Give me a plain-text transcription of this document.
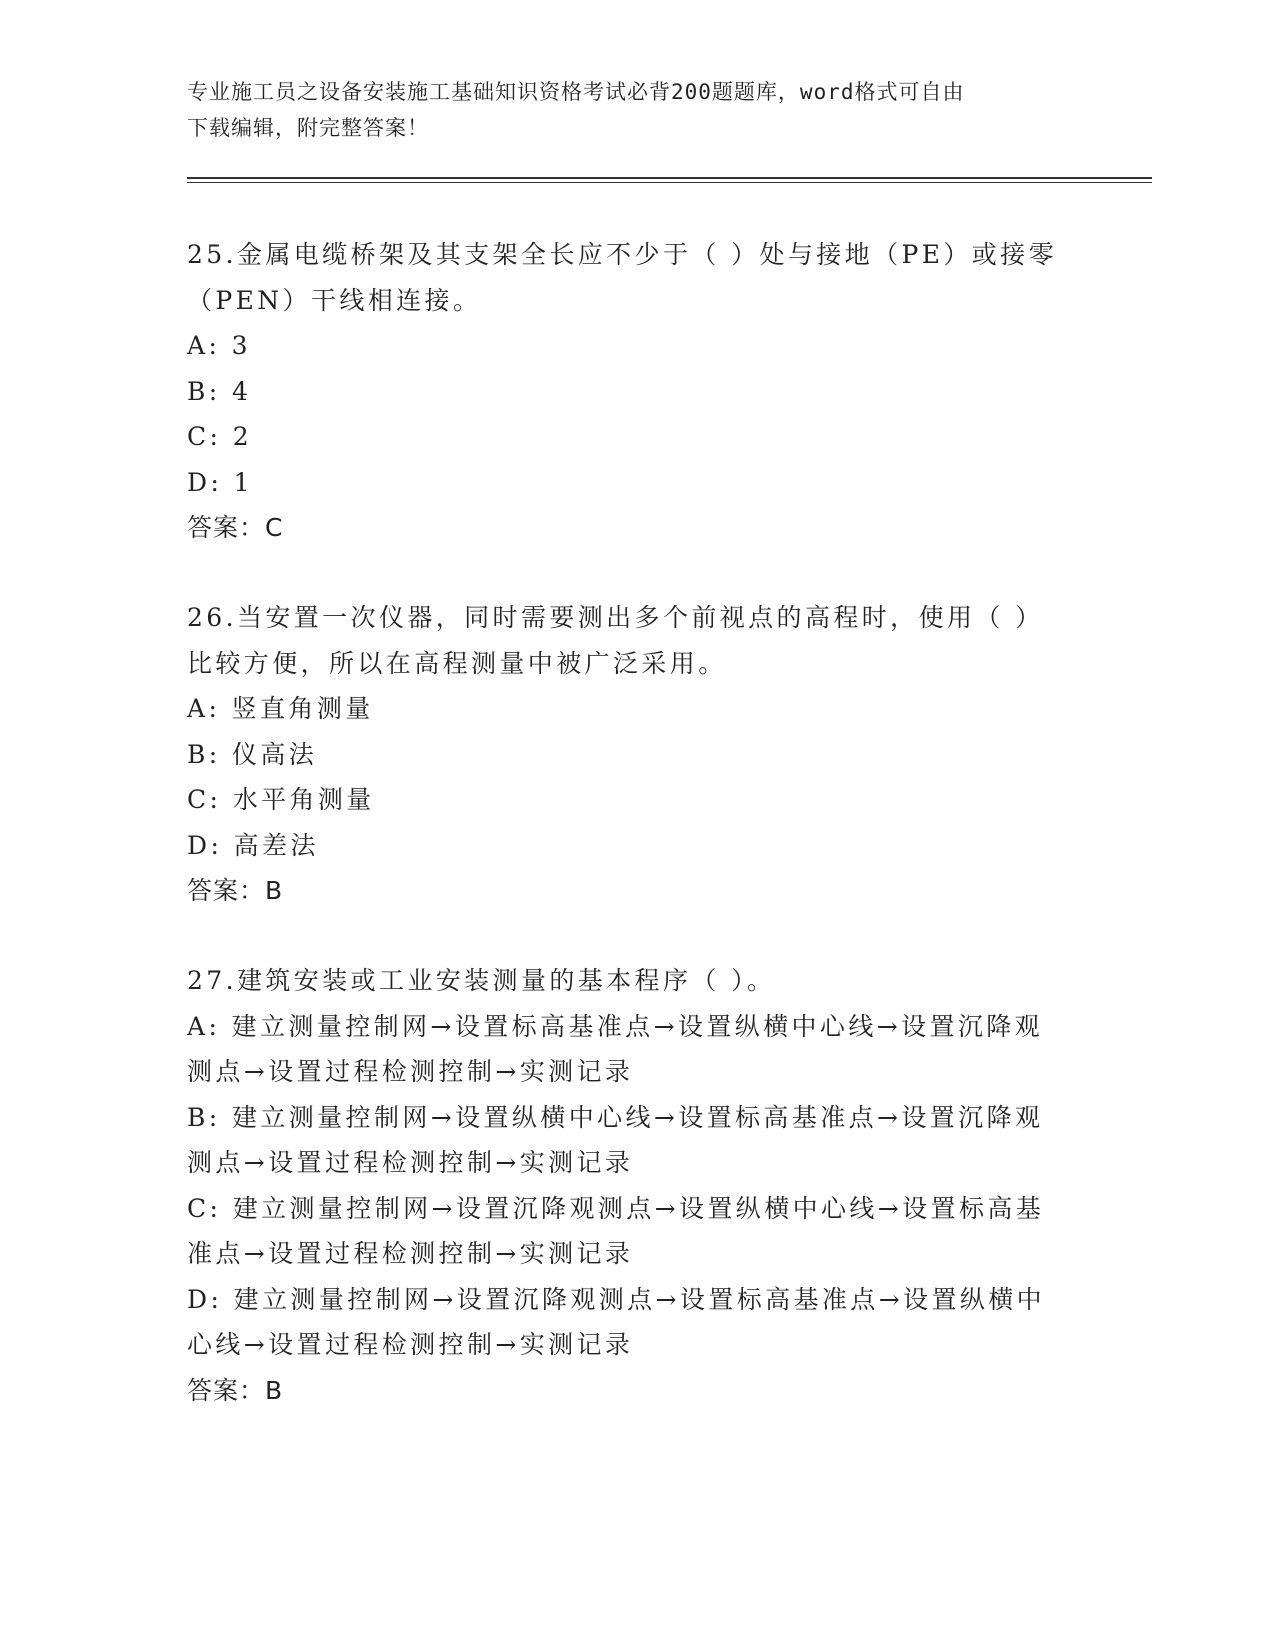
专业施工员之设备安装施工基础知识资格考试必背200题题库，word格式可自由
下载编辑，附完整答案！
25.金属电缆桥架及其支架全长应不少于（ ）处与接地（PE）或接零
（PEN）干线相连接。
A: 3
B: 4
C: 2
D: 1
答案：C
26.当安置一次仪器，同时需要测出多个前视点的高程时，使用（ ）
比较方便，所以在高程测量中被广泛采用。
A: 竖直角测量
B: 仪高法
C: 水平角测量
D: 高差法
答案：B
27.建筑安装或工业安装测量的基本程序（ ）。
A: 建立测量控制网→设置标高基准点→设置纵横中心线→设置沉降观
测点→设置过程检测控制→实测记录
B: 建立测量控制网→设置纵横中心线→设置标高基准点→设置沉降观
测点→设置过程检测控制→实测记录
C: 建立测量控制网→设置沉降观测点→设置纵横中心线→设置标高基
准点→设置过程检测控制→实测记录
D: 建立测量控制网→设置沉降观测点→设置标高基准点→设置纵横中
心线→设置过程检测控制→实测记录
答案：B
